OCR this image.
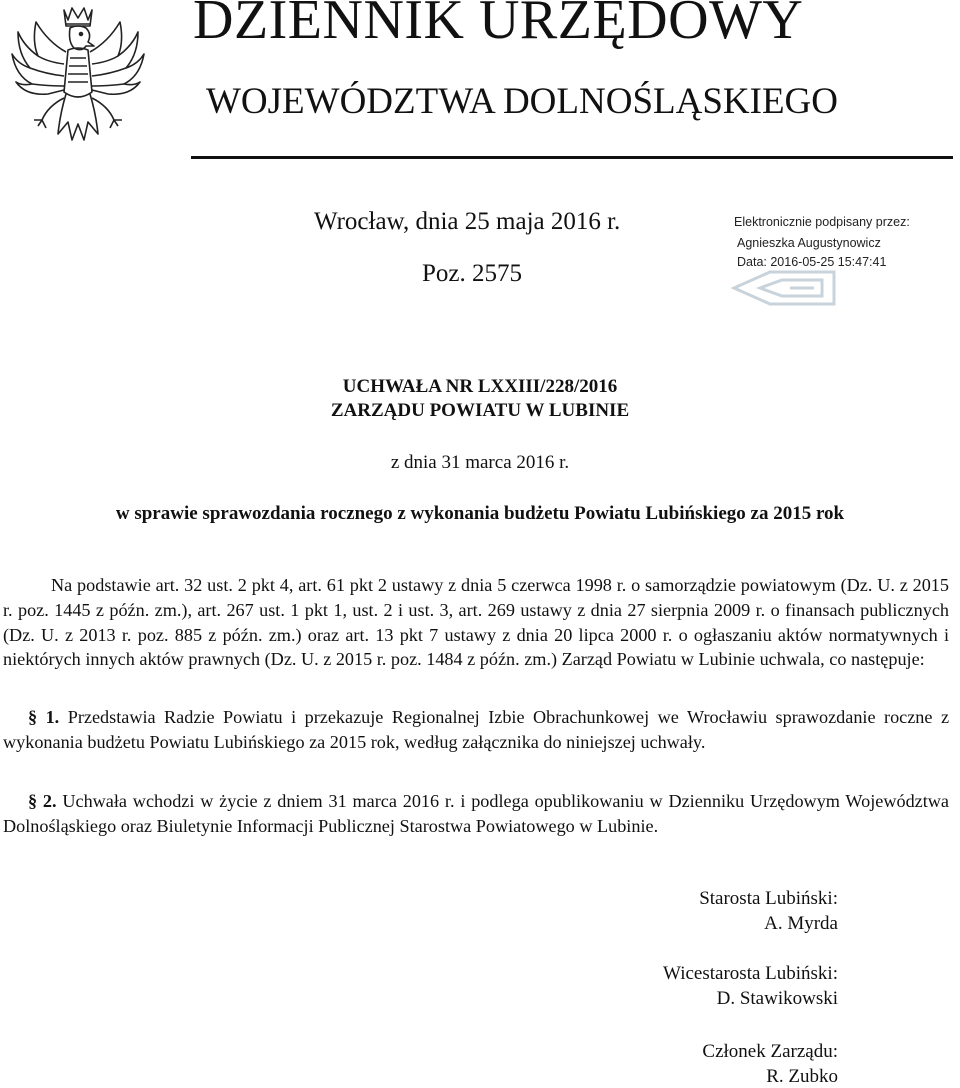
DZIENNIK URZĘDOWY
WOJEWÓDZTWA DOLNOŚLĄSKIEGO
Wrocław, dnia 25 maja 2016 r.
Poz. 2575
Elektronicznie podpisany przez:
Agnieszka Augustynowicz
Data: 2016-05-25 15:47:41
UCHWAŁA NR LXXIII/228/2016
ZARZĄDU POWIATU W LUBINIE
z dnia 31 marca 2016 r.
w sprawie sprawozdania rocznego z wykonania budżetu Powiatu Lubińskiego za 2015 rok

Na podstawie art. 32 ust. 2 pkt 4, art. 61 pkt 2 ustawy z dnia 5 czerwca 1998 r. o samorządzie powiatowym (Dz. U. z 2015 r. poz. 1445 z późn. zm.), art. 267 ust. 1 pkt 1, ust. 2 i ust. 3, art. 269 ustawy z dnia 27 sierpnia 2009 r. o finansach publicznych (Dz. U. z 2013 r. poz. 885 z późn. zm.) oraz art. 13 pkt 7 ustawy z dnia 20 lipca 2000 r. o ogłaszaniu aktów normatywnych i niektórych innych aktów prawnych (Dz. U. z 2015 r. poz. 1484 z późn. zm.) Zarząd Powiatu w Lubinie uchwala, co następuje:

§ 1. Przedstawia Radzie Powiatu i przekazuje Regionalnej Izbie Obrachunkowej we Wrocławiu sprawozdanie roczne z wykonania budżetu Powiatu Lubińskiego za 2015 rok, według załącznika do niniejszej uchwały.

§ 2. Uchwała wchodzi w życie z dniem 31 marca 2016 r. i podlega opublikowaniu w Dzienniku Urzędowym Województwa Dolnośląskiego oraz Biuletynie Informacji Publicznej Starostwa Powiatowego w Lubinie.

Starosta Lubiński:
A. Myrda
Wicestarosta Lubiński:
D. Stawikowski
Członek Zarządu:
R. Zubko
